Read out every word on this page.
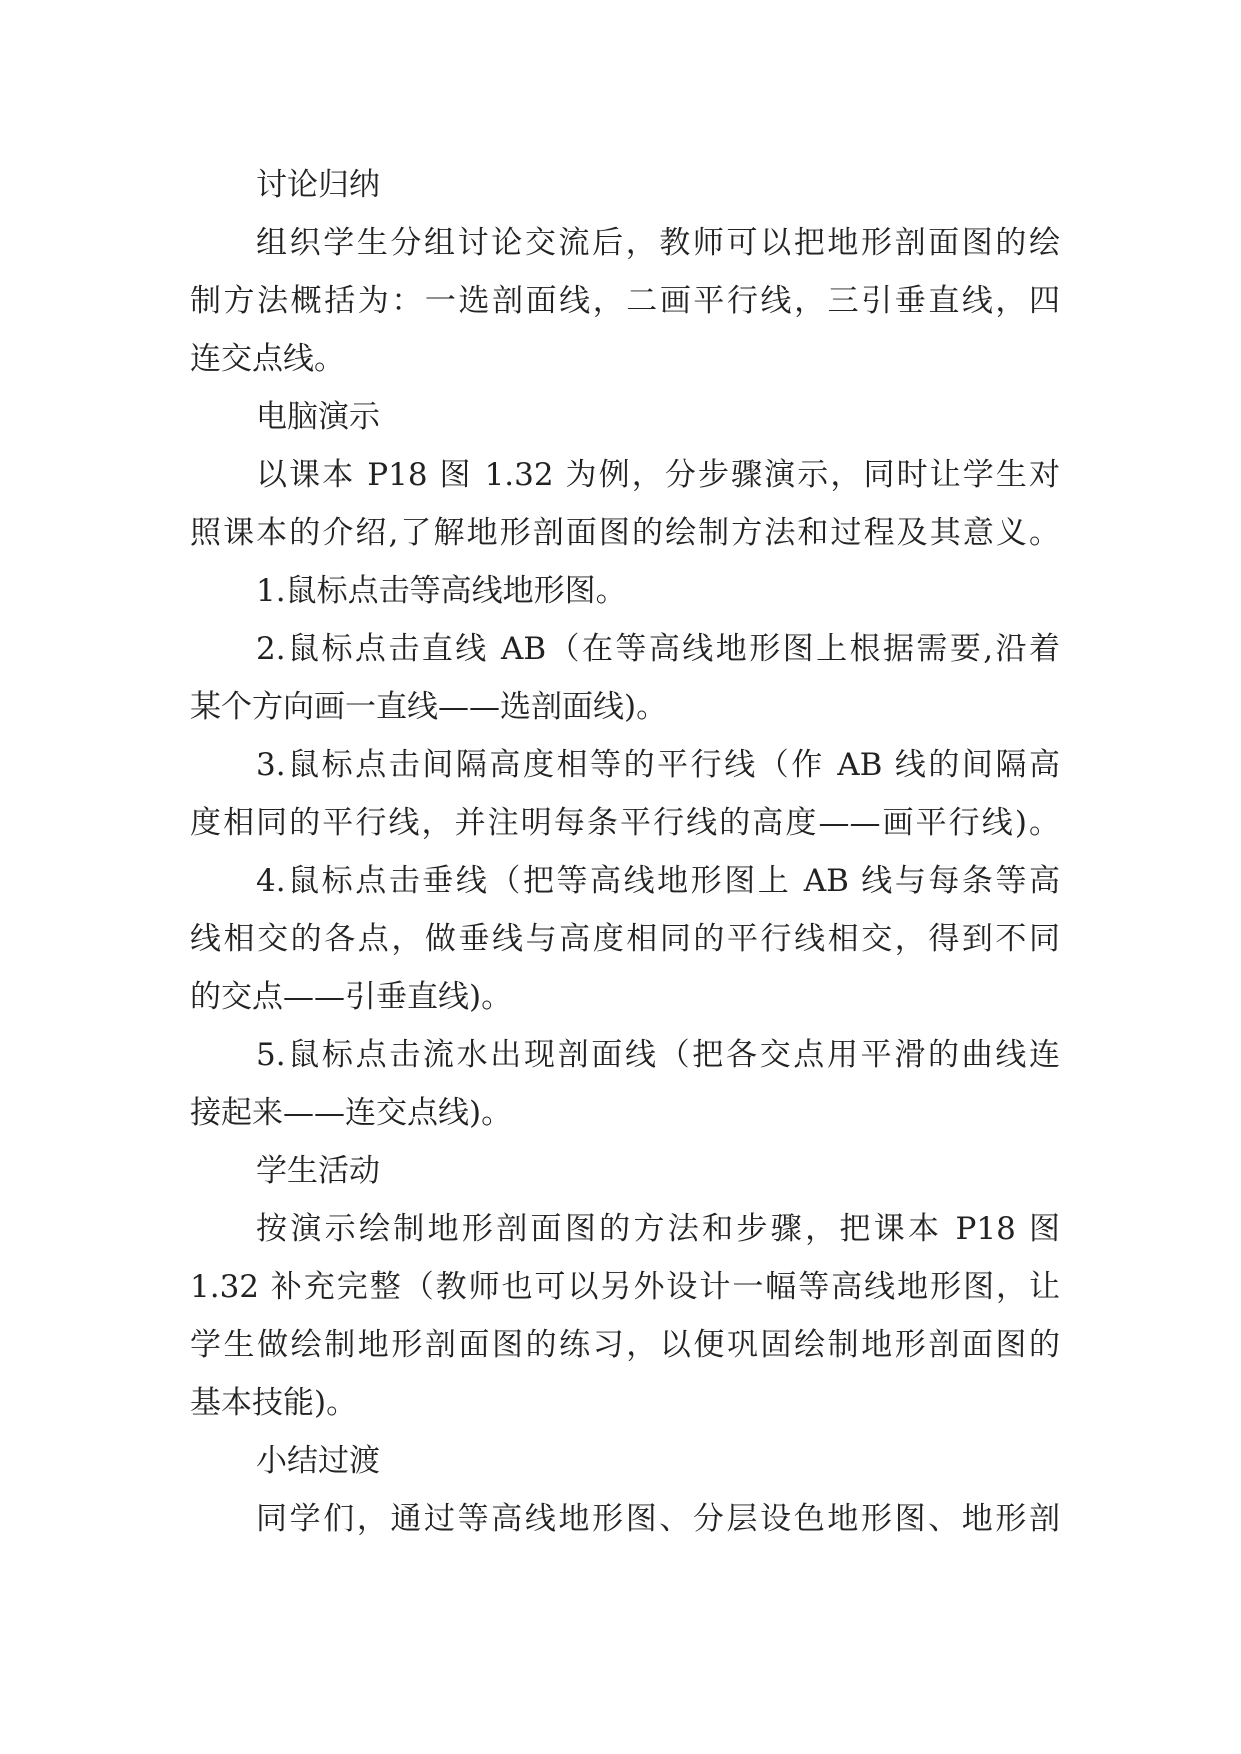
讨论归纳
组织学生分组讨论交流后，教师可以把地形剖面图的绘
制方法概括为：一选剖面线，二画平行线，三引垂直线，四
连交点线。
电脑演示
以课本 P18 图 1.32 为例，分步骤演示，同时让学生对
照课本的介绍,了解地形剖面图的绘制方法和过程及其意义。
1.鼠标点击等高线地形图。
2.鼠标点击直线 AB（在等高线地形图上根据需要,沿着
某个方向画一直线——选剖面线)。
3.鼠标点击间隔高度相等的平行线（作 AB 线的间隔高
度相同的平行线，并注明每条平行线的高度——画平行线)。
4.鼠标点击垂线（把等高线地形图上 AB 线与每条等高
线相交的各点，做垂线与高度相同的平行线相交，得到不同
的交点——引垂直线)。
5.鼠标点击流水出现剖面线（把各交点用平滑的曲线连
接起来——连交点线)。
学生活动
按演示绘制地形剖面图的方法和步骤，把课本 P18 图
1.32 补充完整（教师也可以另外设计一幅等高线地形图，让
学生做绘制地形剖面图的练习，以便巩固绘制地形剖面图的
基本技能)。
小结过渡
同学们，通过等高线地形图、分层设色地形图、地形剖
